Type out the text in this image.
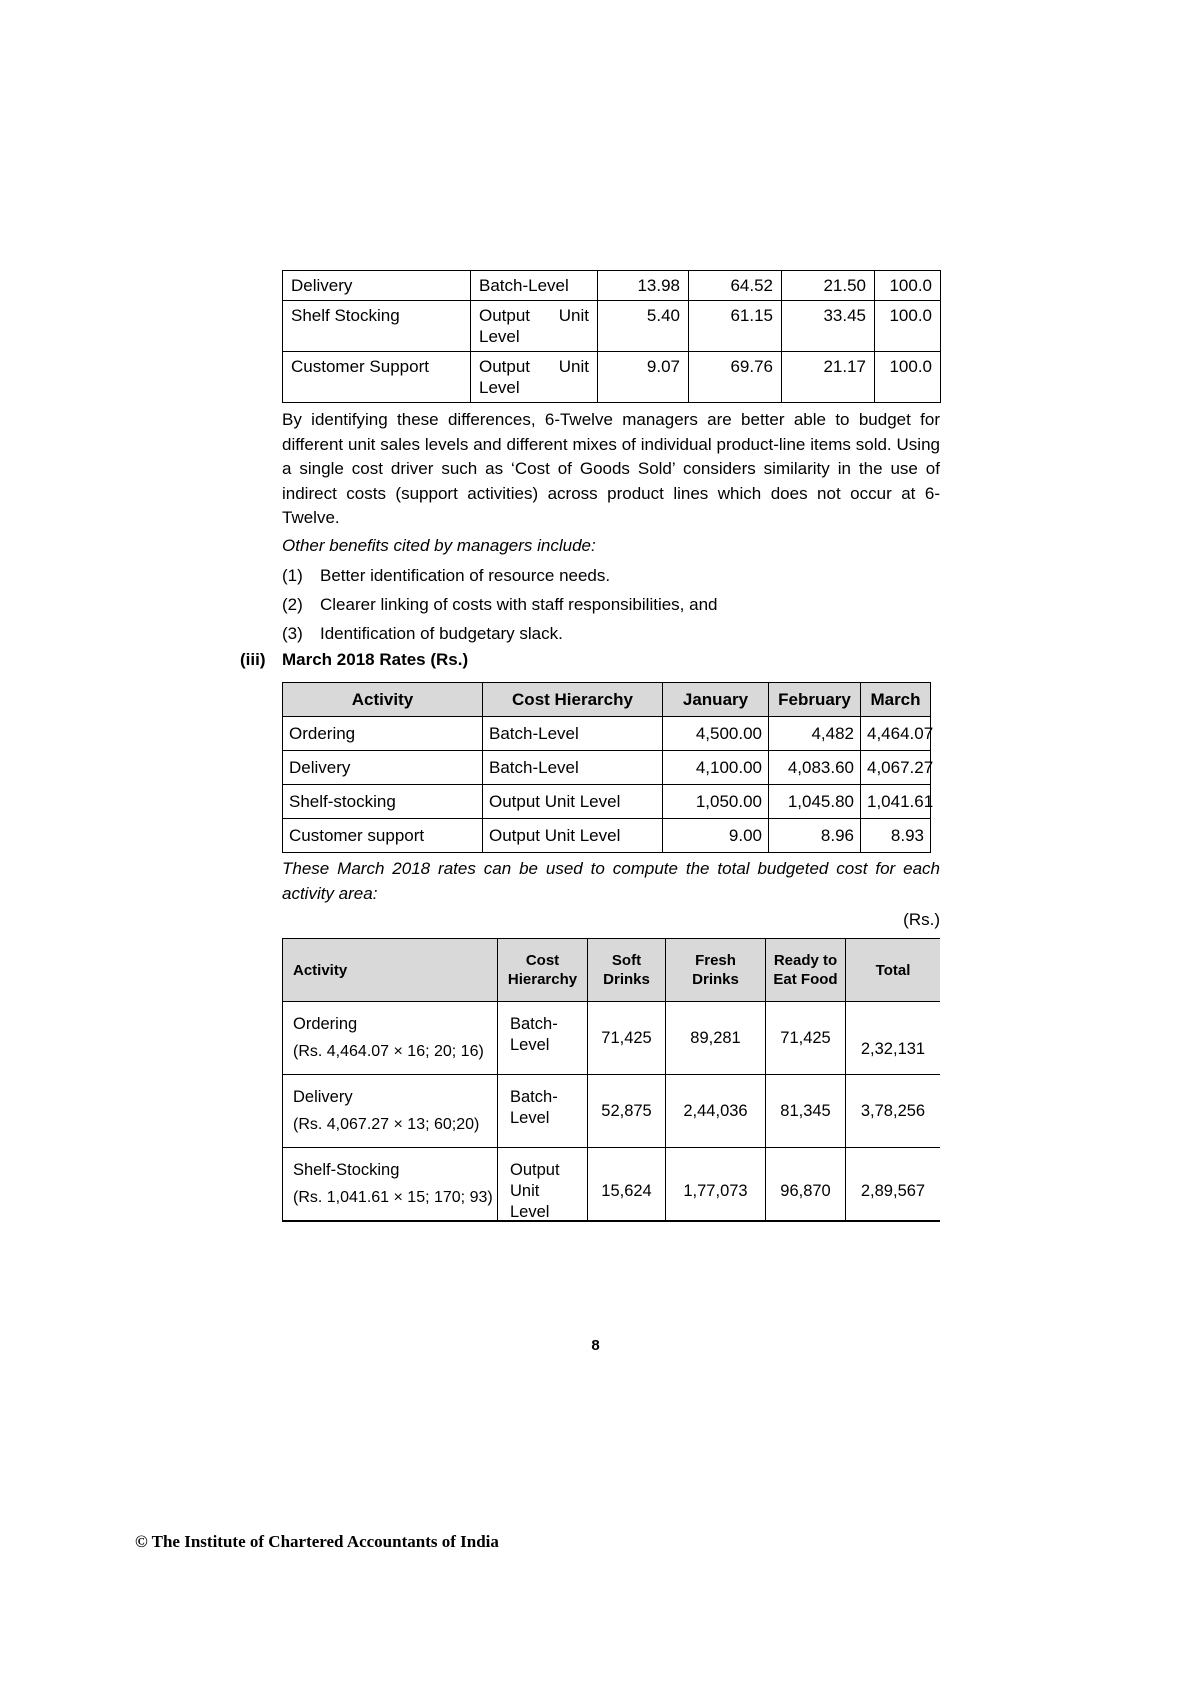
Delivery	Batch-Level	13.98	64.52	21.50	100.0
Shelf Stocking	Output Unit Level	5.40	61.15	33.45	100.0
Customer Support	Output Unit Level	9.07	69.76	21.17	100.0
By identifying these differences, 6-Twelve managers are better able to budget for different unit sales levels and different mixes of individual product-line items sold. Using a single cost driver such as ‘Cost of Goods Sold’ considers similarity in the use of indirect costs (support activities) across product lines which does not occur at 6-Twelve.
Other benefits cited by managers include:
(1)	Better identification of resource needs.
(2)	Clearer linking of costs with staff responsibilities, and
(3)	Identification of budgetary slack.
(iii) March 2018 Rates (Rs.)
Activity	Cost Hierarchy	January	February	March
Ordering	Batch-Level	4,500.00	4,482	4,464.07
Delivery	Batch-Level	4,100.00	4,083.60	4,067.27
Shelf-stocking	Output Unit Level	1,050.00	1,045.80	1,041.61
Customer support	Output Unit Level	9.00	8.96	8.93
These March 2018 rates can be used to compute the total budgeted cost for each activity area:
(Rs.)
Activity	Cost Hierarchy	Soft Drinks	Fresh Drinks	Ready to Eat Food	Total

Ordering
(Rs. 4,464.07 × 16; 20; 16)	Batch-Level	71,425	89,281	71,425	2,32,131

Delivery
(Rs. 4,067.27 × 13; 60;20)	Batch-Level	52,875	2,44,036	81,345	3,78,256

Shelf-Stocking
(Rs. 1,041.61 × 15; 170; 93)	Output Unit Level	15,624	1,77,073	96,870	2,89,567
8
© The Institute of Chartered Accountants of India
